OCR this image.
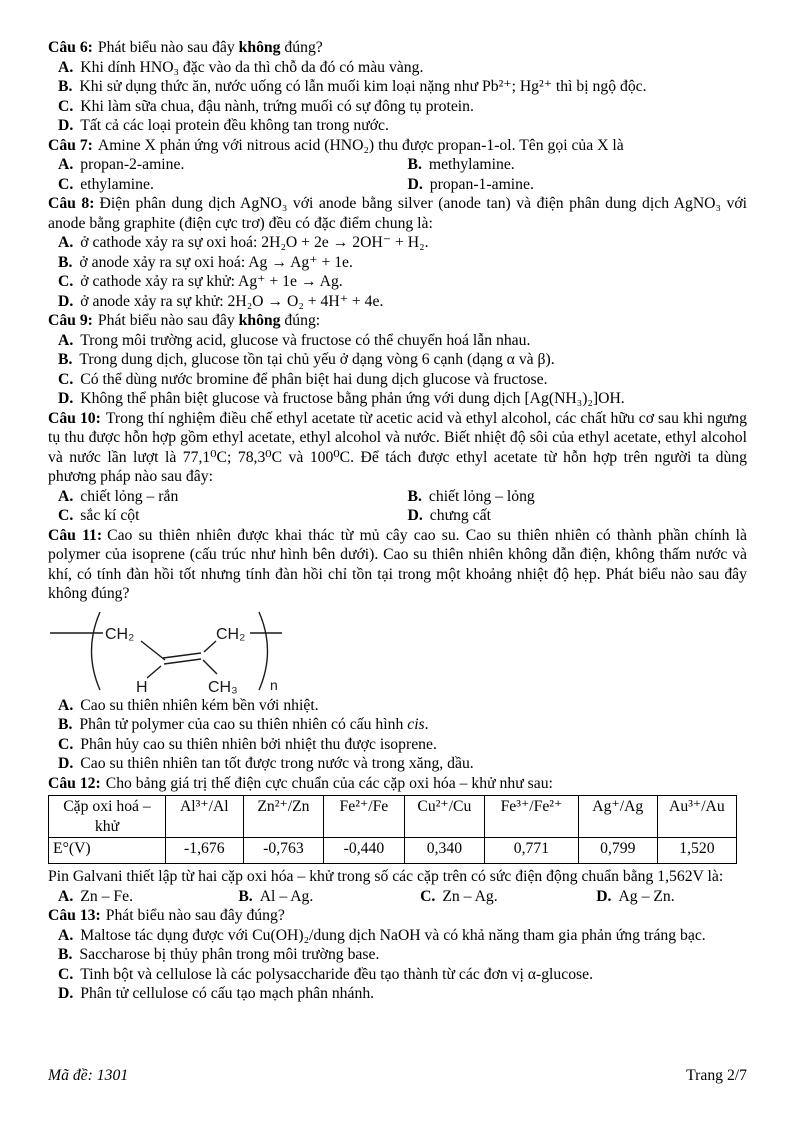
Câu 6: Phát biểu nào sau đây không đúng?

A. Khi dính HNO₃ đặc vào da thì chỗ da đó có màu vàng.
B. Khi sử dụng thức ăn, nước uống có lẫn muối kim loại nặng như Pb²⁺; Hg²⁺ thì bị ngộ độc.
C. Khi làm sữa chua, đậu nành, trứng muối có sự đông tụ protein.
D. Tất cả các loại protein đều không tan trong nước.

Câu 7: Amine X phản ứng với nitrous acid (HNO₂) thu được propan-1-ol. Tên gọi của X là

A. propan-2-amine.	B. methylamine.
C. ethylamine.	D. propan-1-amine.

Câu 8: Điện phân dung dịch AgNO₃ với anode bằng silver (anode tan) và điện phân dung dịch AgNO₃ với anode bằng graphite (điện cực trơ) đều có đặc điểm chung là:

A. ở cathode xảy ra sự oxi hoá: 2H₂O + 2e → 2OH⁻ + H₂.
B. ở anode xảy ra sự oxi hoá: Ag → Ag⁺ + 1e.
C. ở cathode xảy ra sự khử: Ag⁺ + 1e → Ag.
D. ở anode xảy ra sự khử: 2H₂O → O₂ + 4H⁺ + 4e.

Câu 9: Phát biểu nào sau đây không đúng:

A. Trong môi trường acid, glucose và fructose có thể chuyển hoá lẫn nhau.
B. Trong dung dịch, glucose tồn tại chủ yếu ở dạng vòng 6 cạnh (dạng α và β).
C. Có thể dùng nước bromine để phân biệt hai dung dịch glucose và fructose.
D. Không thể phân biệt glucose và fructose bằng phản ứng với dung dịch [Ag(NH₃)₂]OH.

Câu 10: Trong thí nghiệm điều chế ethyl acetate từ acetic acid và ethyl alcohol, các chất hữu cơ sau khi ngưng tụ thu được hỗn hợp gồm ethyl acetate, ethyl alcohol và nước. Biết nhiệt độ sôi của ethyl acetate, ethyl alcohol và nước lần lượt là 77,1⁰C; 78,3⁰C và 100⁰C. Để tách được ethyl acetate từ hỗn hợp trên người ta dùng phương pháp nào sau đây:

A. chiết lỏng – rắn	B. chiết lỏng – lỏng
C. sắc kí cột	D. chưng cất

Câu 11: Cao su thiên nhiên được khai thác từ mủ cây cao su. Cao su thiên nhiên có thành phần chính là polymer của isoprene (cấu trúc như hình bên dưới). Cao su thiên nhiên không dẫn điện, không thấm nước và khí, có tính đàn hồi tốt nhưng tính đàn hồi chỉ tồn tại trong một khoảng nhiệt độ hẹp. Phát biểu nào sau đây không đúng?

CH₂	CH₂
H	CH₃ n
A. Cao su thiên nhiên kém bền với nhiệt.
B. Phân tử polymer của cao su thiên nhiên có cấu hình cis.
C. Phân hủy cao su thiên nhiên bởi nhiệt thu được isoprene.
D. Cao su thiên nhiên tan tốt được trong nước và trong xăng, dầu.

Câu 12: Cho bảng giá trị thế điện cực chuẩn của các cặp oxi hóa – khử như sau:

Cặp oxi hoá – khử	Al³⁺/Al	Zn²⁺/Zn	Fe²⁺/Fe	Cu²⁺/Cu	Fe³⁺/Fe²⁺	Ag⁺/Ag	Au³⁺/Au
E°(V)	-1,676	-0,763	-0,440	0,340	0,771	0,799	1,520

Pin Galvani thiết lập từ hai cặp oxi hóa – khử trong số các cặp trên có sức điện động chuẩn bằng 1,562V là:

A. Zn – Fe.	B. Al – Ag.	C. Zn – Ag.	D. Ag – Zn.

Câu 13: Phát biểu nào sau đây đúng?

A. Maltose tác dụng được với Cu(OH)₂/dung dịch NaOH và có khả năng tham gia phản ứng tráng bạc.
B. Saccharose bị thủy phân trong môi trường base.
C. Tinh bột và cellulose là các polysaccharide đều tạo thành từ các đơn vị α-glucose.
D. Phân tử cellulose có cấu tạo mạch phân nhánh.
Mã đề: 1301	Trang 2/7
